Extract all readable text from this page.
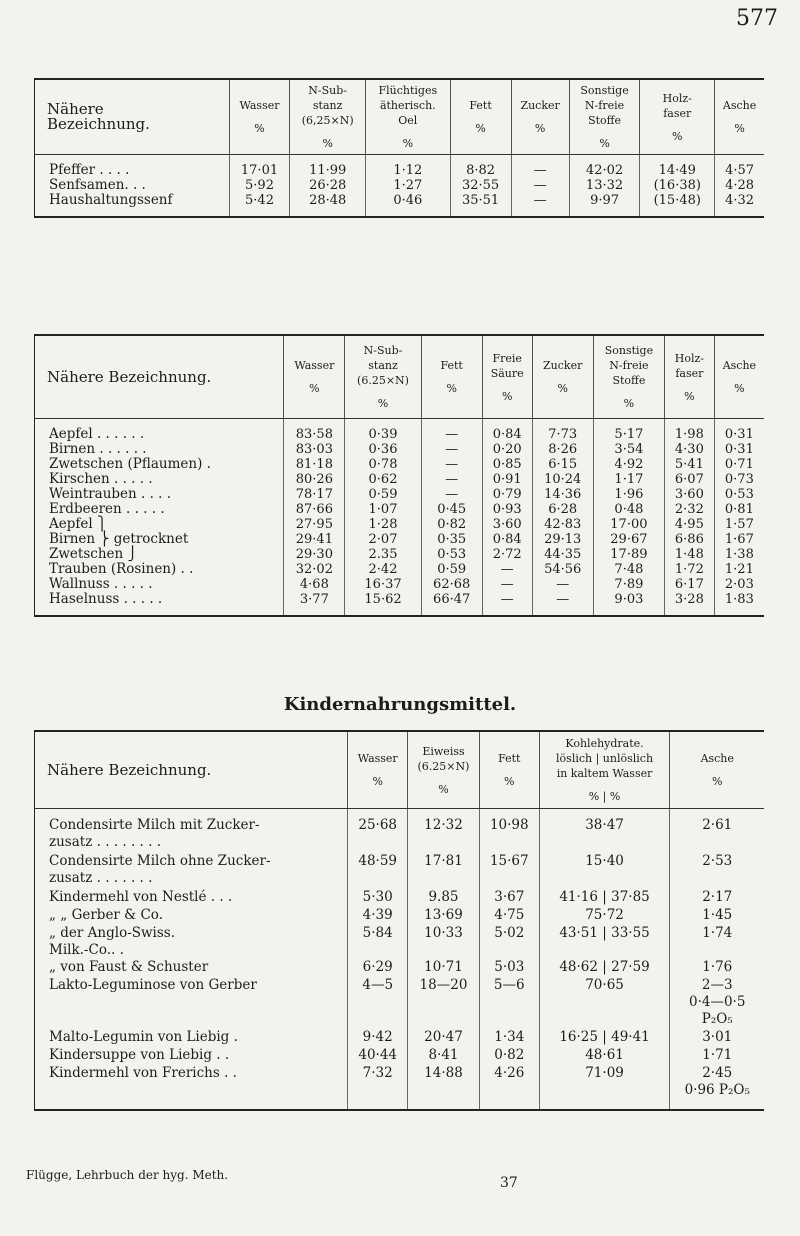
577
Nähere
Bezeichnung.	Wasser
%	N-Sub-
stanz
(6,25×N)
%	Flüchtiges
ätherisch.
Oel
%	Fett
%	Zucker
%	Sonstige
N-freie
Stoffe
%	Holz-
faser
%	Asche
%

Pfeffer . . . .	17·01	11·99	1·12	8·82	—	42·02	14·49	4·57
Senfsamen. . .	5·92	26·28	1·27	32·55	—	13·32	(16·38)	4·28
Haushaltungssenf	5·42	28·48	0·46	35·51	—	9·97	(15·48)	4·32

Nähere Bezeichnung.	Wasser
%	N-Sub-
stanz
(6.25×N)
%	Fett
%	Freie
Säure
%	Zucker
%	Sonstige
N-freie
Stoffe
%	Holz-
faser
%	Asche
%

Aepfel . . . . . .	83·58	0·39	—	0·84	7·73	5·17	1·98	0·31
Birnen . . . . . .	83·03	0·36	—	0·20	8·26	3·54	4·30	0·31
Zwetschen (Pflaumen) .	81·18	0·78	—	0·85	6·15	4·92	5·41	0·71
Kirschen . . . . .	80·26	0·62	—	0·91	10·24	1·17	6·07	0·73
Weintrauben . . . .	78·17	0·59	—	0·79	14·36	1·96	3·60	0·53
Erdbeeren . . . . .	87·66	1·07	0·45	0·93	6·28	0·48	2·32	0·81
Aepfel ⎫	27·95	1·28	0·82	3·60	42·83	17·00	4·95	1·57
Birnen ⎬ getrocknet	29·41	2·07	0·35	0·84	29·13	29·67	6·86	1·67
Zwetschen ⎭	29·30	2.35	0·53	2·72	44·35	17·89	1·48	1·38
Trauben (Rosinen) . .	32·02	2·42	0·59	—	54·56	7·48	1·72	1·21
Wallnuss . . . . .	4·68	16·37	62·68	—	—	7·89	6·17	2·03
Haselnuss . . . . .	3·77	15·62	66·47	—	—	9·03	3·28	1·83

Kindernahrungsmittel.
Nähere Bezeichnung.	Wasser
%	Eiweiss
(6.25×N)
%	Fett
%	Kohlehydrate.
löslich | unlöslich
in kaltem Wasser
% | %	Asche
%

Condensirte Milch mit Zucker-
zusatz . . . . . . . .	25·68	12·32	10·98	38·47	2·61
Condensirte Milch ohne Zucker-
zusatz . . . . . . .	48·59	17·81	15·67	15·40	2·53
Kindermehl von Nestlé . . .	5·30	9.85	3·67	41·16 | 37·85	2·17
„ „ Gerber & Co.	4·39	13·69	4·75	75·72	1·45
„ der Anglo-Swiss.
Milk.-Co.. .	5·84	10·33	5·02	43·51 | 33·55	1·74
„ von Faust & Schuster	6·29	10·71	5·03	48·62 | 27·59	1·76
Lakto-Leguminose von Gerber	4—5	18—20	5—6	70·65	2—3
0·4—0·5
P₂O₅
Malto-Legumin von Liebig .	9·42	20·47	1·34	16·25 | 49·41	3·01
Kindersuppe von Liebig . .	40·44	8·41	0·82	48·61	1·71
Kindermehl von Frerichs . .	7·32	14·88	4·26	71·09	2·45
0·96 P₂O₅

Flügge, Lehrbuch der hyg. Meth.	37
